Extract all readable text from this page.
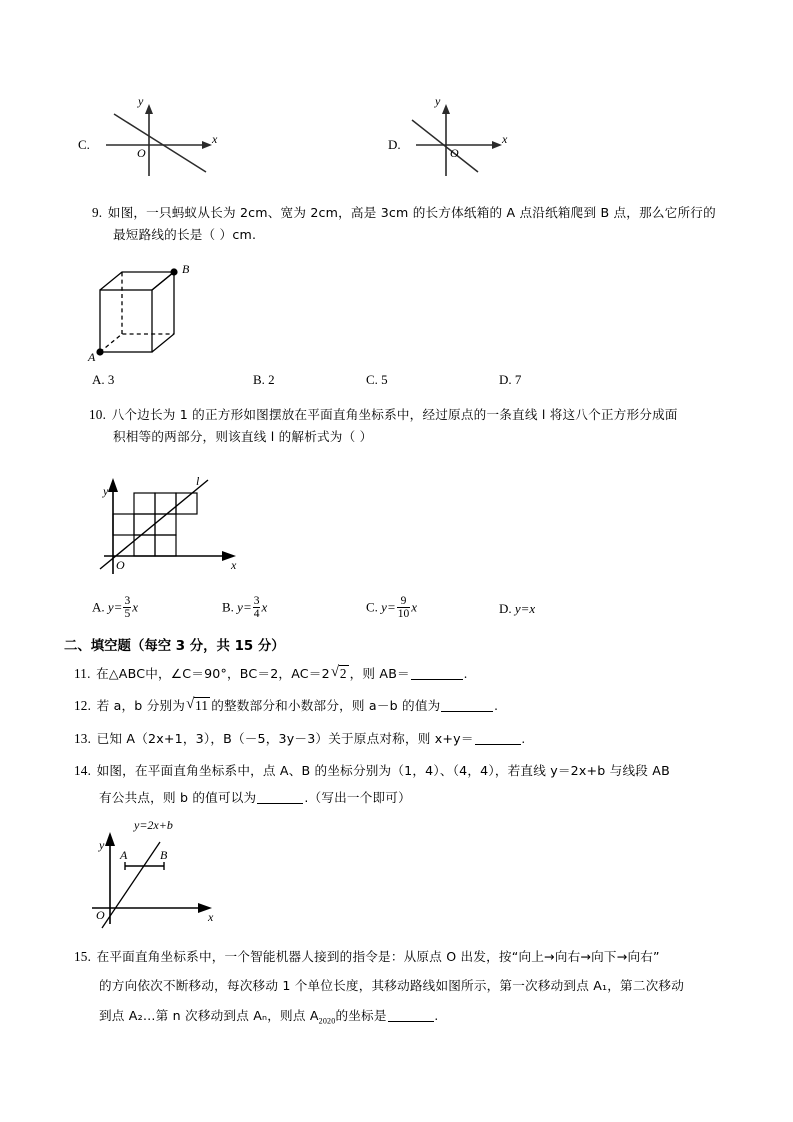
C.
y
x
O
D.
y
x
O
9. 如图，一只蚂蚁从长为 2cm、宽为 2cm，高是 3cm 的长方体纸箱的 A 点沿纸箱爬到 B 点，那么它所行的
最短路线的长是（ ）cm.
B
A
A. 3	B. 2	C. 5	D. 7
10. 八个边长为 1 的正方形如图摆放在平面直角坐标系中，经过原点的一条直线 l 将这八个正方形分成面
积相等的两部分，则该直线 l 的解析式为（ ）
y
x
O
l
A. $y= \frac{3}{5}$ x	B. $y= \frac{3}{4}$ x	C. $y= \frac{9}{10}$ x	D. y=x
二、填空题（每空 3 分，共 15 分）
11. 在△ABC中，∠C＝90°，BC＝2，AC＝2 √ 2 ，则 AB＝	.
12. 若 a，b 分别为 √ 11 的整数部分和小数部分，则 a－b 的值为	.
13. 已知 A（2x+1，3），B（－5，3y－3）关于原点对称，则 x+y＝	.
14. 如图，在平面直角坐标系中，点 A、B 的坐标分别为（1，4）、（4，4），若直线 y＝2x+b 与线段 AB
有公共点，则 b 的值可以为	.（写出一个即可）
y=2x+b
y
x
O
A	B
15. 在平面直角坐标系中，一个智能机器人接到的指令是：从原点 O 出发，按“向上→向右→向下→向右”
的方向依次不断移动，每次移动 1 个单位长度，其移动路线如图所示，第一次移动到点 A₁，第二次移动
到点 A₂…第 n 次移动到点 Aₙ，则点 $A_{2020}$的坐标是	.
